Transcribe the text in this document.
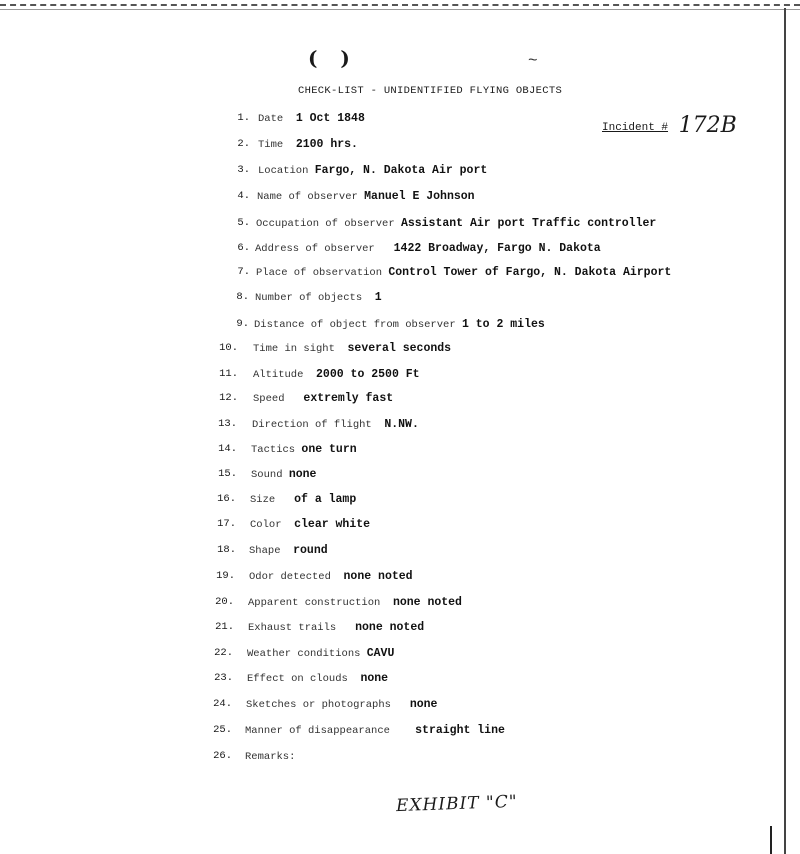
( )	~
CHECK-LIST - UNIDENTIFIED FLYING OBJECTS
Incident # 172B
1. Date 1 Oct 1848
2. Time 2100 hrs.
3. Location Fargo, N. Dakota Air port
4. Name of observer Manuel E Johnson
5. Occupation of observer Assistant Air port Traffic controller
6. Address of observer 1422 Broadway, Fargo N. Dakota
7. Place of observation Control Tower of Fargo, N. Dakota Airport
8. Number of objects 1
9. Distance of object from observer 1 to 2 miles
10. Time in sight several seconds
11. Altitude 2000 to 2500 Ft
12. Speed extremly fast
13. Direction of flight N.NW.
14. Tactics one turn
15. Sound none
16. Size of a lamp
17. Color clear white
18. Shape round
19. Odor detected none noted
20. Apparent construction none noted
21. Exhaust trails none noted
22. Weather conditions CAVU
23. Effect on clouds none
24. Sketches or photographs none
25. Manner of disappearance straight line
26. Remarks:
EXHIBIT "C"
